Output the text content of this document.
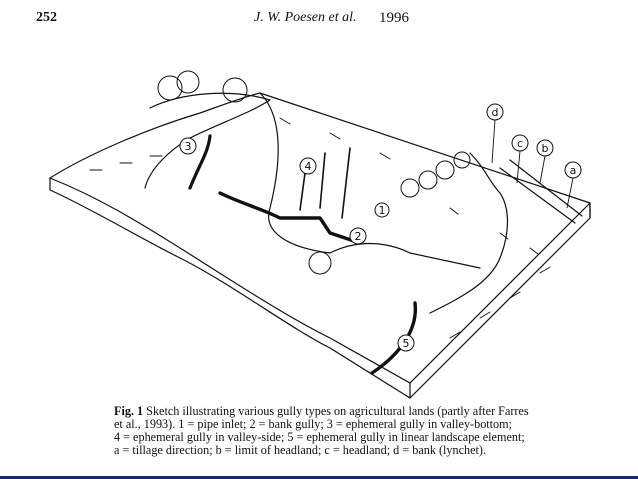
252	J. W. Poesen et al. 1996
1
2
3
4
5
a
b
c
d
Fig. 1 Sketch illustrating various gully types on agricultural lands (partly after Farres
et al., 1993). 1 = pipe inlet; 2 = bank gully; 3 = ephemeral gully in valley-bottom;
4 = ephemeral gully in valley-side; 5 = ephemeral gully in linear landscape element;
a = tillage direction; b = limit of headland; c = headland; d = bank (lynchet).
